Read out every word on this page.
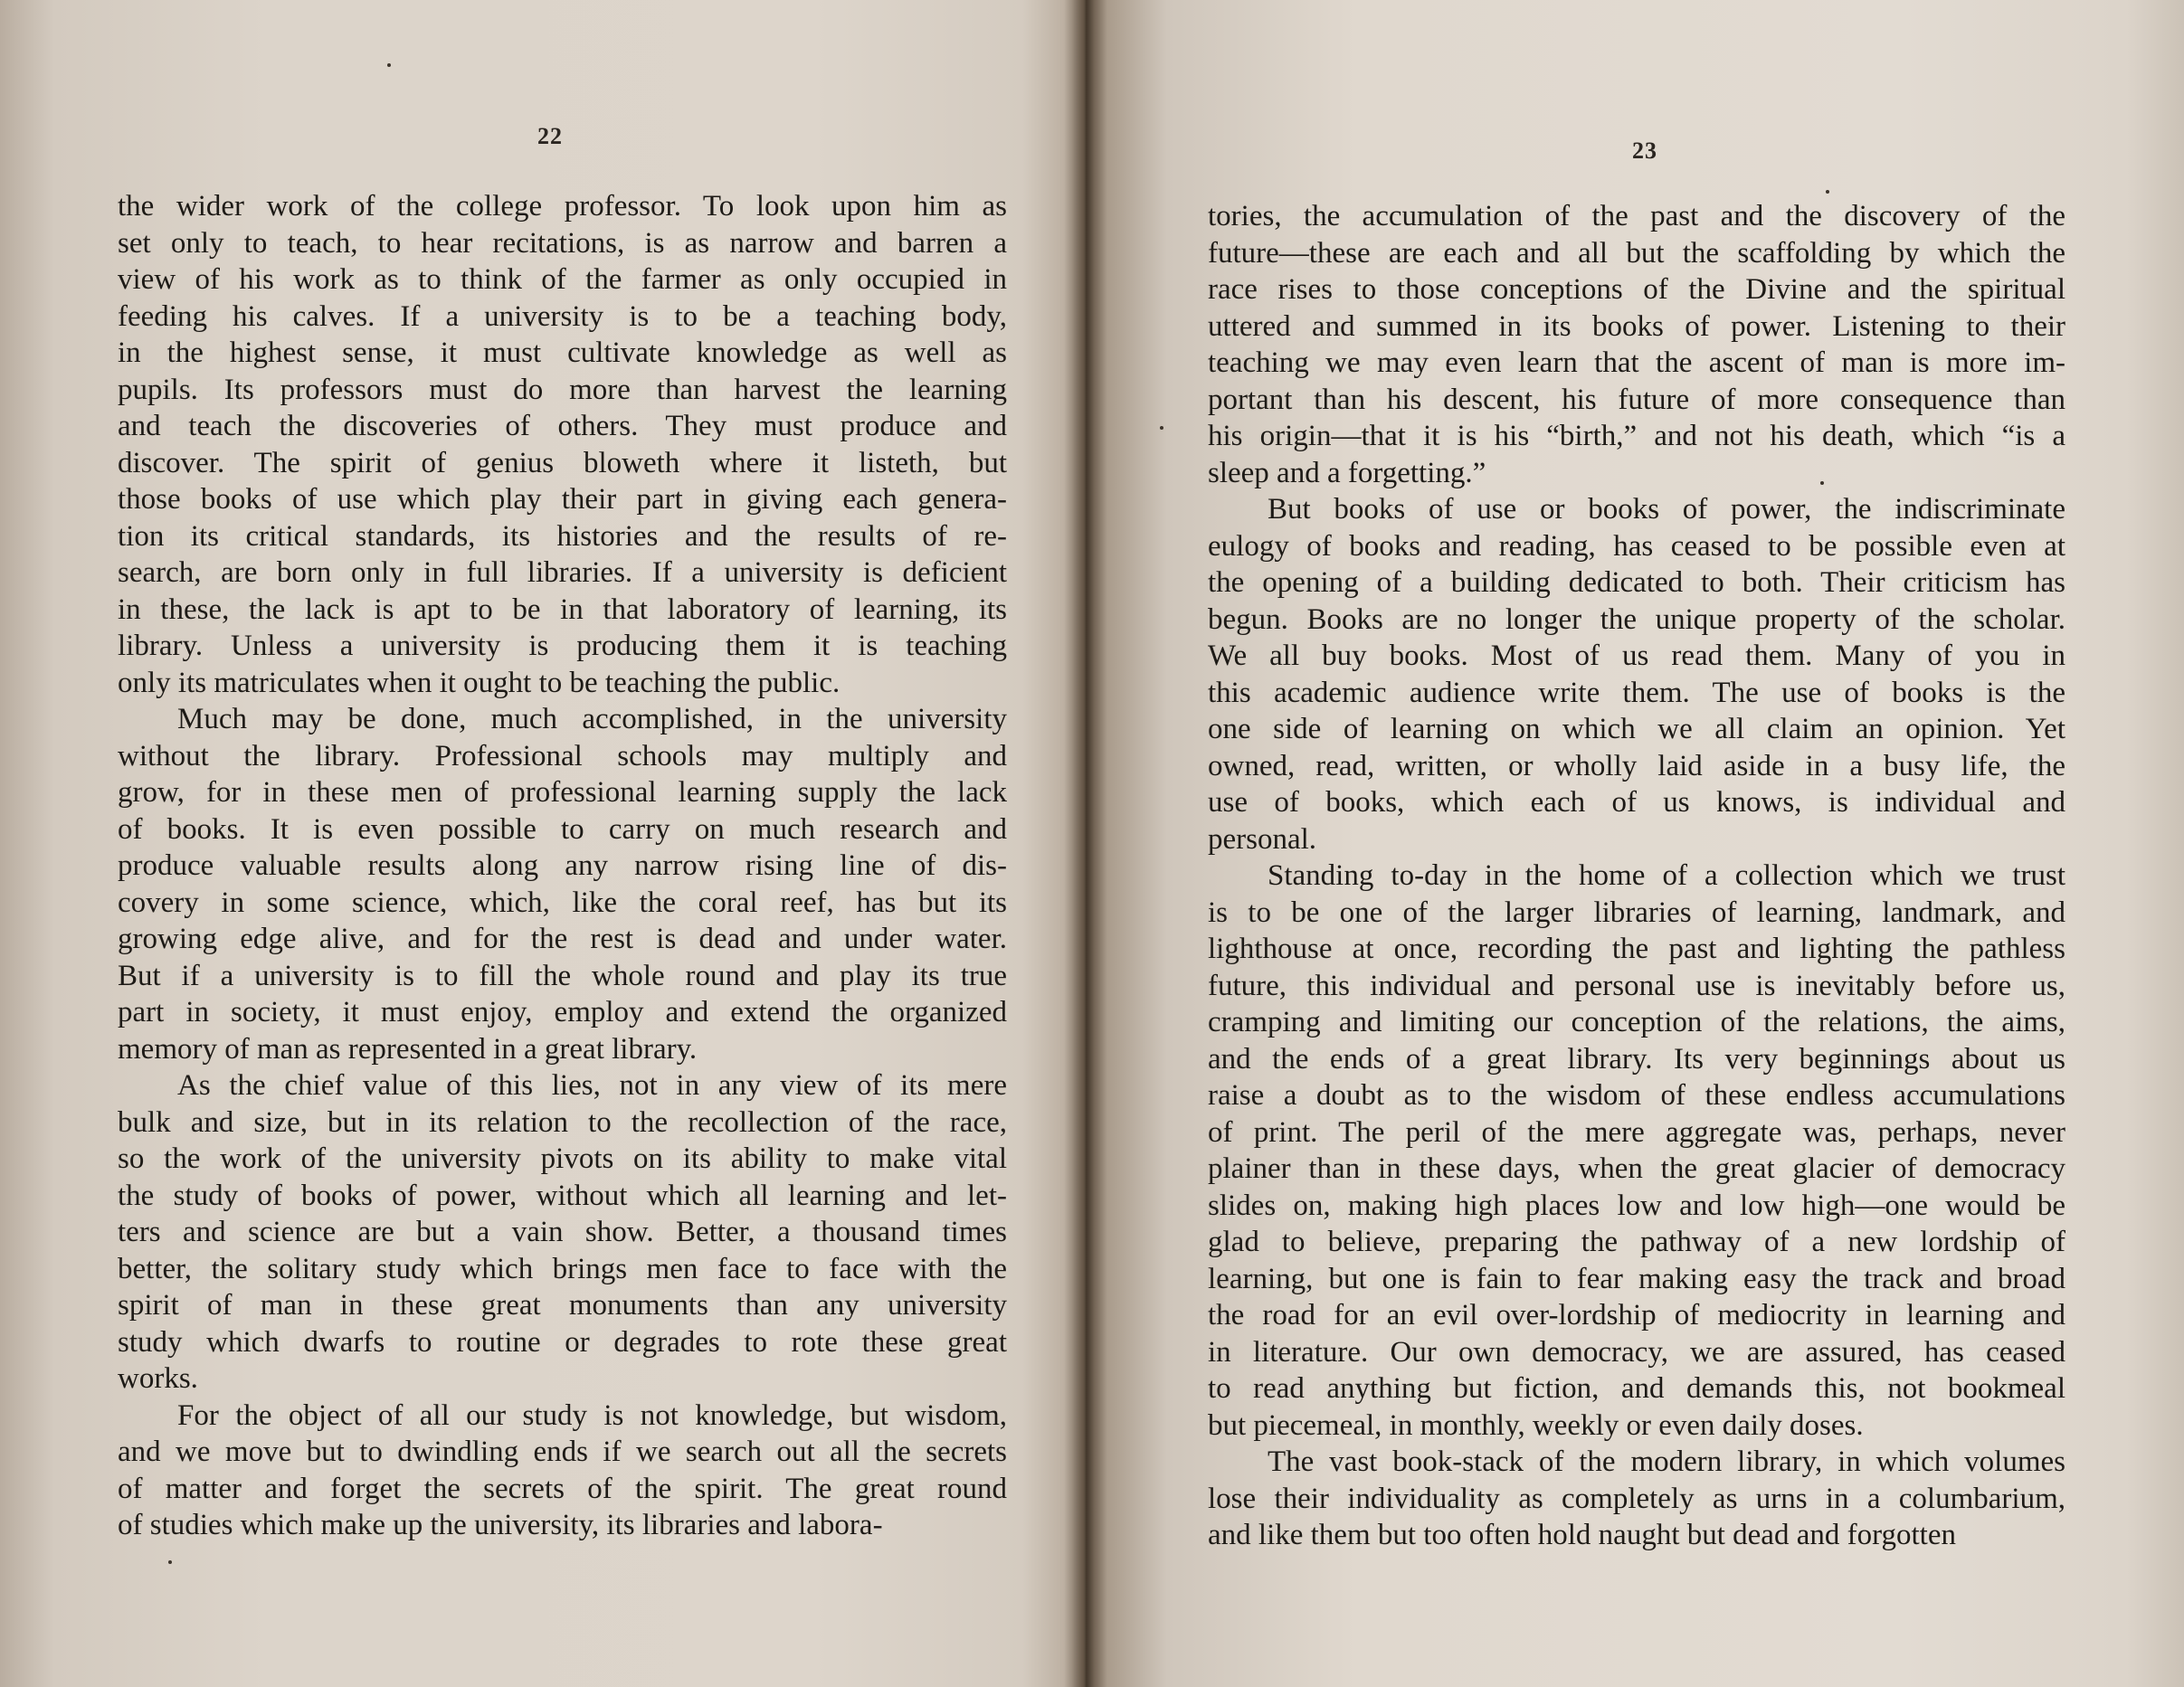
22
the wider work of the college professor. To look upon him as
set only to teach, to hear recitations, is as narrow and barren a
view of his work as to think of the farmer as only occupied in
feeding his calves. If a university is to be a teaching body,
in the highest sense, it must cultivate knowledge as well as
pupils. Its professors must do more than harvest the learning
and teach the discoveries of others. They must produce and
discover. The spirit of genius bloweth where it listeth, but
those books of use which play their part in giving each genera-
tion its critical standards, its histories and the results of re-
search, are born only in full libraries. If a university is deficient
in these, the lack is apt to be in that laboratory of learning, its
library. Unless a university is producing them it is teaching
only its matriculates when it ought to be teaching the public.
Much may be done, much accomplished, in the university
without the library. Professional schools may multiply and
grow, for in these men of professional learning supply the lack
of books. It is even possible to carry on much research and
produce valuable results along any narrow rising line of dis-
covery in some science, which, like the coral reef, has but its
growing edge alive, and for the rest is dead and under water.
But if a university is to fill the whole round and play its true
part in society, it must enjoy, employ and extend the organized
memory of man as represented in a great library.
As the chief value of this lies, not in any view of its mere
bulk and size, but in its relation to the recollection of the race,
so the work of the university pivots on its ability to make vital
the study of books of power, without which all learning and let-
ters and science are but a vain show. Better, a thousand times
better, the solitary study which brings men face to face with the
spirit of man in these great monuments than any university
study which dwarfs to routine or degrades to rote these great
works.
For the object of all our study is not knowledge, but wisdom,
and we move but to dwindling ends if we search out all the secrets
of matter and forget the secrets of the spirit. The great round
of studies which make up the university, its libraries and labora-
23
tories, the accumulation of the past and the discovery of the
future—these are each and all but the scaffolding by which the
race rises to those conceptions of the Divine and the spiritual
uttered and summed in its books of power. Listening to their
teaching we may even learn that the ascent of man is more im-
portant than his descent, his future of more consequence than
his origin—that it is his “birth,” and not his death, which “is a
sleep and a forgetting.”
But books of use or books of power, the indiscriminate
eulogy of books and reading, has ceased to be possible even at
the opening of a building dedicated to both. Their criticism has
begun. Books are no longer the unique property of the scholar.
We all buy books. Most of us read them. Many of you in
this academic audience write them. The use of books is the
one side of learning on which we all claim an opinion. Yet
owned, read, written, or wholly laid aside in a busy life, the
use of books, which each of us knows, is individual and
personal.
Standing to-day in the home of a collection which we trust
is to be one of the larger libraries of learning, landmark, and
lighthouse at once, recording the past and lighting the pathless
future, this individual and personal use is inevitably before us,
cramping and limiting our conception of the relations, the aims,
and the ends of a great library. Its very beginnings about us
raise a doubt as to the wisdom of these endless accumulations
of print. The peril of the mere aggregate was, perhaps, never
plainer than in these days, when the great glacier of democracy
slides on, making high places low and low high—one would be
glad to believe, preparing the pathway of a new lordship of
learning, but one is fain to fear making easy the track and broad
the road for an evil over-lordship of mediocrity in learning and
in literature. Our own democracy, we are assured, has ceased
to read anything but fiction, and demands this, not bookmeal
but piecemeal, in monthly, weekly or even daily doses.
The vast book-stack of the modern library, in which volumes
lose their individuality as completely as urns in a columbarium,
and like them but too often hold naught but dead and forgotten
